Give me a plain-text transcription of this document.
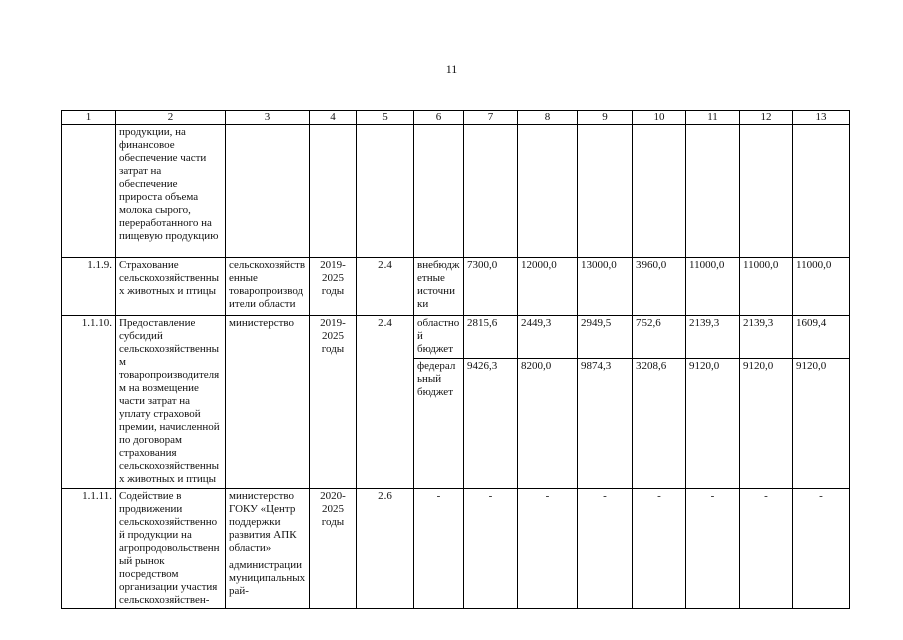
11
1	2	3	4	5	6	7	8	9	10	11	12	13
	продукции, на финансовое обеспечение части затрат на обеспечение прироста объема молока сырого, переработанного на пищевую продукцию											
1.1.9.	Страхование сельскохозяйственных животных и птицы	сельскохозяйственные товаропроизводители области	2019-2025 годы	2.4	внебюджетные источники	7300,0	12000,0	13000,0	3960,0	11000,0	11000,0	11000,0
1.1.10.	Предоставление субсидий сельскохозяйственным товаропроизводителям на возмещение части затрат на уплату страховой премии, начисленной по договорам страхования сельскохозяйственных животных и птицы	министерство	2019-2025 годы	2.4	областной бюджет	2815,6	2449,3	2949,5	752,6	2139,3	2139,3	1609,4
					федеральный бюджет	9426,3	8200,0	9874,3	3208,6	9120,0	9120,0	9120,0
1.1.11.	Содействие в продвижении сельскохозяйственной продукции на агропродовольственный рынок посредством организации участия сельскохозяйствен-	министерство
ГОКУ «Центр поддержки развития АПК области»
администрации муниципальных рай-	2020-2025 годы	2.6	-	-	-	-	-	-	-	-
